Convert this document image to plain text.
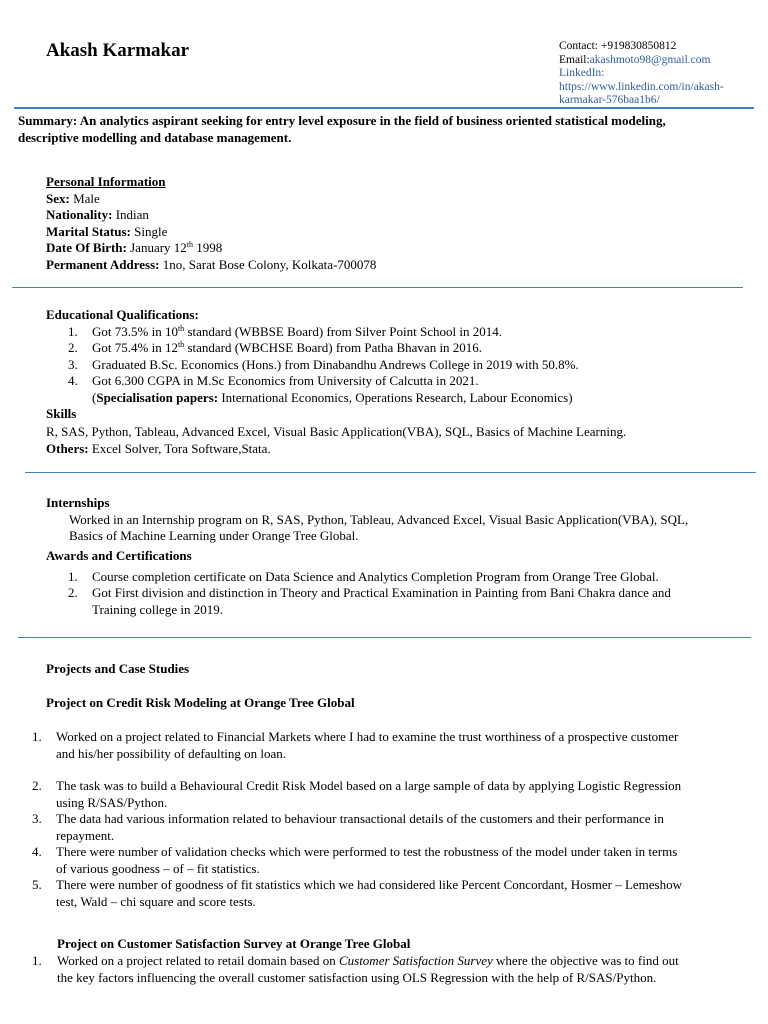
Akash Karmakar	Contact: +919830850812
Email:akashmoto98@gmail.com
LinkedIn:
https://www.linkedin.com/in/akash-
karmakar-576baa1b6/
Summary: An analytics aspirant seeking for entry level exposure in the field of business oriented statistical modeling,
descriptive modelling and database management.
Personal Information
Sex: Male
Nationality: Indian
Marital Status: Single
Date Of Birth: January 12th 1998
Permanent Address: 1no, Sarat Bose Colony, Kolkata-700078
Educational Qualifications:
1. Got 73.5% in 10th standard (WBBSE Board) from Silver Point School in 2014.
2. Got 75.4% in 12th standard (WBCHSE Board) from Patha Bhavan in 2016.
3. Graduated B.Sc. Economics (Hons.) from Dinabandhu Andrews College in 2019 with 50.8%.
4. Got 6.300 CGPA in M.Sc Economics from University of Calcutta in 2021.
(Specialisation papers: International Economics, Operations Research, Labour Economics)
Skills
R, SAS, Python, Tableau, Advanced Excel, Visual Basic Application(VBA), SQL, Basics of Machine Learning.
Others: Excel Solver, Tora Software,Stata.
Internships
Worked in an Internship program on R, SAS, Python, Tableau, Advanced Excel, Visual Basic Application(VBA), SQL,
Basics of Machine Learning under Orange Tree Global.
Awards and Certifications
1. Course completion certificate on Data Science and Analytics Completion Program from Orange Tree Global.
2. Got First division and distinction in Theory and Practical Examination in Painting from Bani Chakra dance and
Training college in 2019.
Projects and Case Studies
Project on Credit Risk Modeling at Orange Tree Global
1. Worked on a project related to Financial Markets where I had to examine the trust worthiness of a prospective customer
and his/her possibility of defaulting on loan.
2. The task was to build a Behavioural Credit Risk Model based on a large sample of data by applying Logistic Regression
using R/SAS/Python.
3. The data had various information related to behaviour transactional details of the customers and their performance in
repayment.
4. There were number of validation checks which were performed to test the robustness of the model under taken in terms
of various goodness – of – fit statistics.
5. There were number of goodness of fit statistics which we had considered like Percent Concordant, Hosmer – Lemeshow
test, Wald – chi square and score tests.
Project on Customer Satisfaction Survey at Orange Tree Global
1. Worked on a project related to retail domain based on Customer Satisfaction Survey where the objective was to find out
the key factors influencing the overall customer satisfaction using OLS Regression with the help of R/SAS/Python.
